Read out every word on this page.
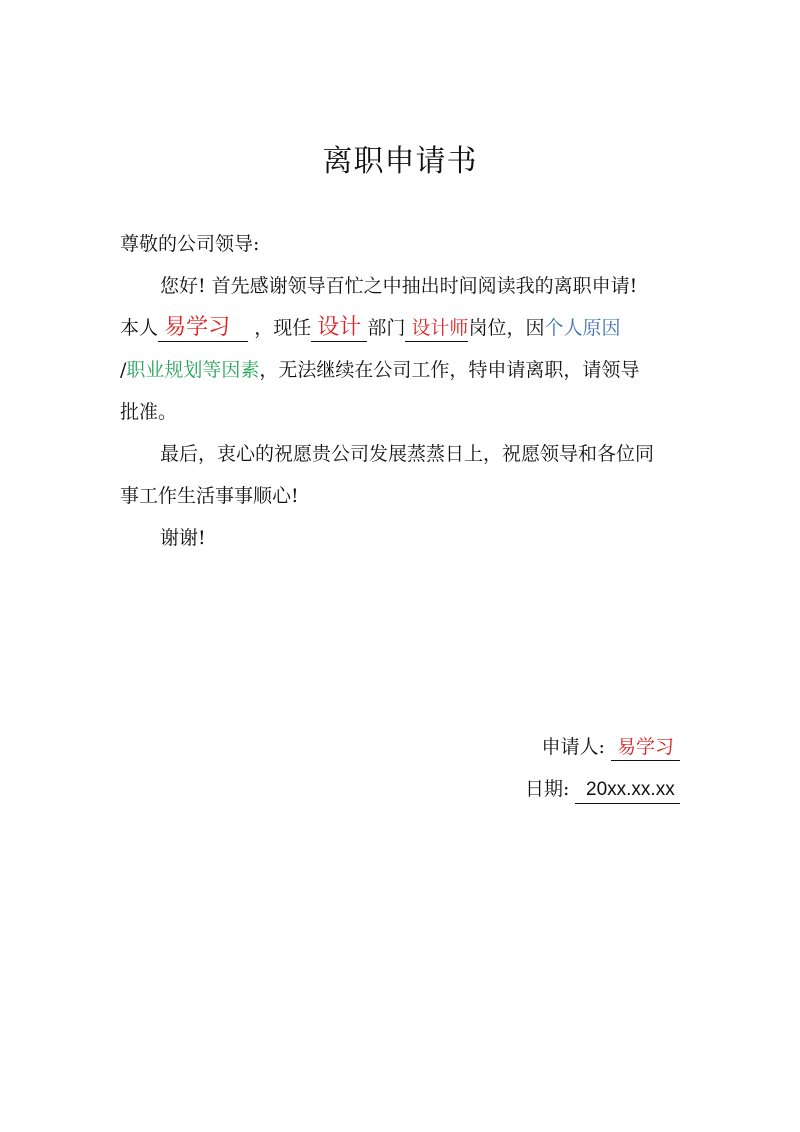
离职申请书
尊敬的公司领导:
您好! 首先感谢领导百忙之中抽出时间阅读我的离职申请!
本人 易学习    ，现任 设计 部门 设计师岗位，因个人原因
/职业规划等因素，无法继续在公司工作，特申请离职，请领导
批准。
最后，衷心的祝愿贵公司发展蒸蒸日上，祝愿领导和各位同
事工作生活事事顺心!
谢谢!
申请人: 易学习
日期: 20xx.xx.xx
